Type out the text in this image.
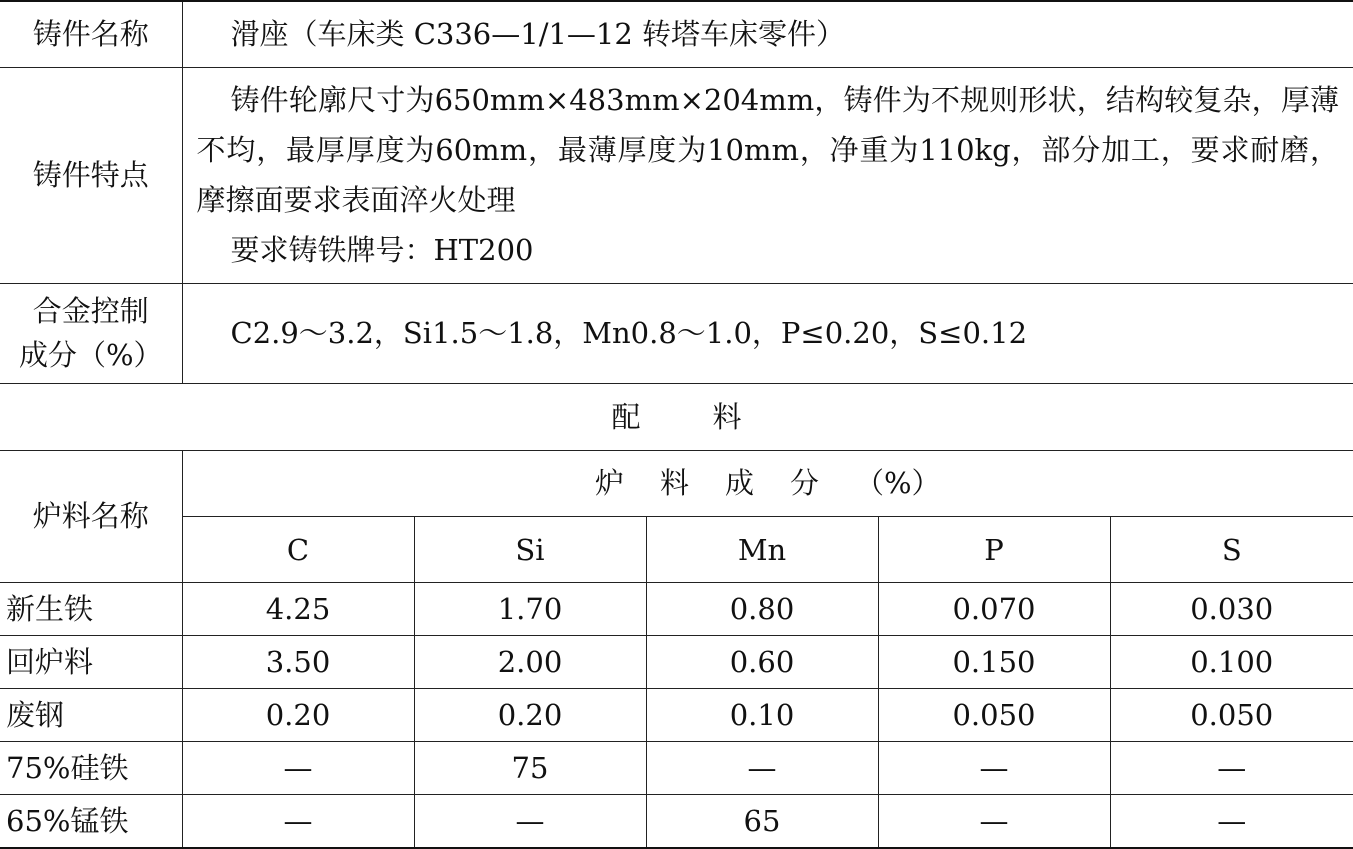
铸件名称	滑座（车床类 C336—1/1—12 转塔车床零件）
铸件特点	铸件轮廓尺寸为650mm×483mm×204mm，铸件为不规则形状，结构较复杂，厚薄不均，最厚厚度为60mm，最薄厚度为10mm，净重为110kg，部分加工，要求耐磨，摩擦面要求表面淬火处理
要求铸铁牌号：HT200

合金控制
成分（%）	C2.9～3.2，Si1.5～1.8，Mn0.8～1.0，P≤0.20，S≤0.12
配 料
炉料名称	炉 料 成 分 （%）				
	C	Si	Mn	P	S
新生铁	4.25	1.70	0.80	0.070	0.030
回炉料	3.50	2.00	0.60	0.150	0.100
废钢	0.20	0.20	0.10	0.050	0.050
75%硅铁	—	75	—	—	—
65%锰铁	—	—	65	—	—
